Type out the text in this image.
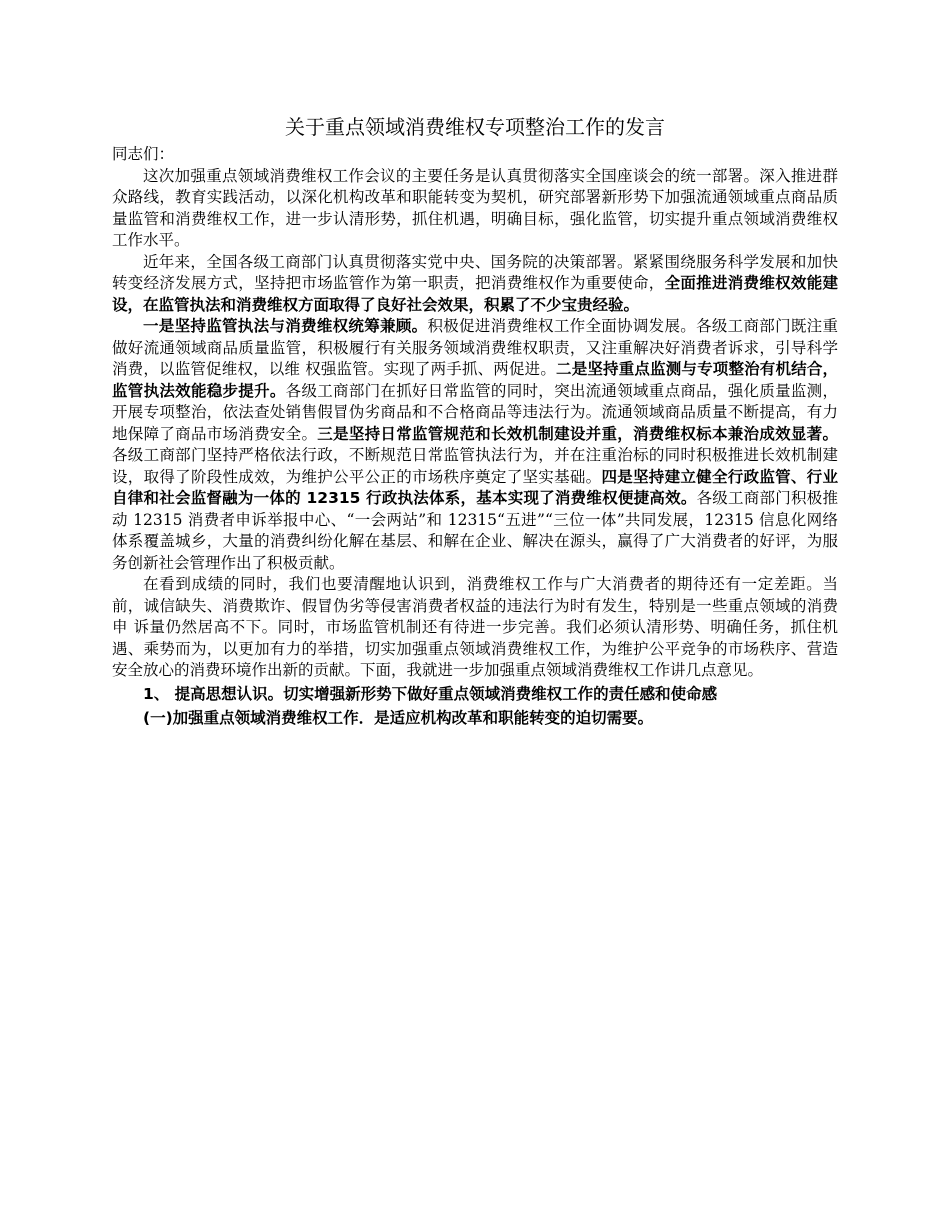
关于重点领域消费维权专项整治工作的发言

同志们：

这次加强重点领域消费维权工作会议的主要任务是认真贯彻落实全国座谈会的统一部署。深入推进群众路线，教育实践活动，以深化机构改革和职能转变为契机，研究部署新形势下加强流通领域重点商品质量监管和消费维权工作，进一步认清形势，抓住机遇，明确目标，强化监管，切实提升重点领域消费维权工作水平。

近年来，全国各级工商部门认真贯彻落实党中央、国务院的决策部署。紧紧围绕服务科学发展和加快转变经济发展方式，坚持把市场监管作为第一职责，把消费维权作为重要使命，全面推进消费维权效能建设，在监管执法和消费维权方面取得了良好社会效果，积累了不少宝贵经验。

一是坚持监管执法与消费维权统筹兼顾。积极促进消费维权工作全面协调发展。各级工商部门既注重做好流通领域商品质量监管，积极履行有关服务领域消费维权职责，又注重解决好消费者诉求，引导科学消费，以监管促维权，以维 权强监管。实现了两手抓、两促进。二是坚持重点监测与专项整治有机结合，监管执法效能稳步提升。各级工商部门在抓好日常监管的同时，突出流通领域重点商品，强化质量监测，开展专项整治，依法查处销售假冒伪劣商品和不合格商品等违法行为。流通领域商品质量不断提高，有力地保障了商品市场消费安全。三是坚持日常监管规范和长效机制建设并重，消费维权标本兼治成效显著。各级工商部门坚持严格依法行政，不断规范日常监管执法行为，并在注重治标的同时积极推进长效机制建设，取得了阶段性成效，为维护公平公正的市场秩序奠定了坚实基础。四是坚持建立健全行政监管、行业自律和社会监督融为一体的 12315 行政执法体系，基本实现了消费维权便捷高效。各级工商部门积极推动 12315 消费者申诉举报中心、“一会两站”和 12315“五进”“三位一体”共同发展，12315 信息化网络体系覆盖城乡，大量的消费纠纷化解在基层、和解在企业、解决在源头，赢得了广大消费者的好评，为服务创新社会管理作出了积极贡献。

在看到成绩的同时，我们也要清醒地认识到，消费维权工作与广大消费者的期待还有一定差距。当前，诚信缺失、消费欺诈、假冒伪劣等侵害消费者权益的违法行为时有发生，特别是一些重点领域的消费申 诉量仍然居高不下。同时，市场监管机制还有待进一步完善。我们必须认清形势、明确任务，抓住机遇、乘势而为，以更加有力的举措，切实加强重点领域消费维权工作，为维护公平竞争的市场秩序、营造安全放心的消费环境作出新的贡献。下面，我就进一步加强重点领域消费维权工作讲几点意见。

1、 提高思想认识。切实增强新形势下做好重点领域消费维权工作的责任感和使命感

(一)加强重点领域消费维权工作．是适应机构改革和职能转变的迫切需要。
